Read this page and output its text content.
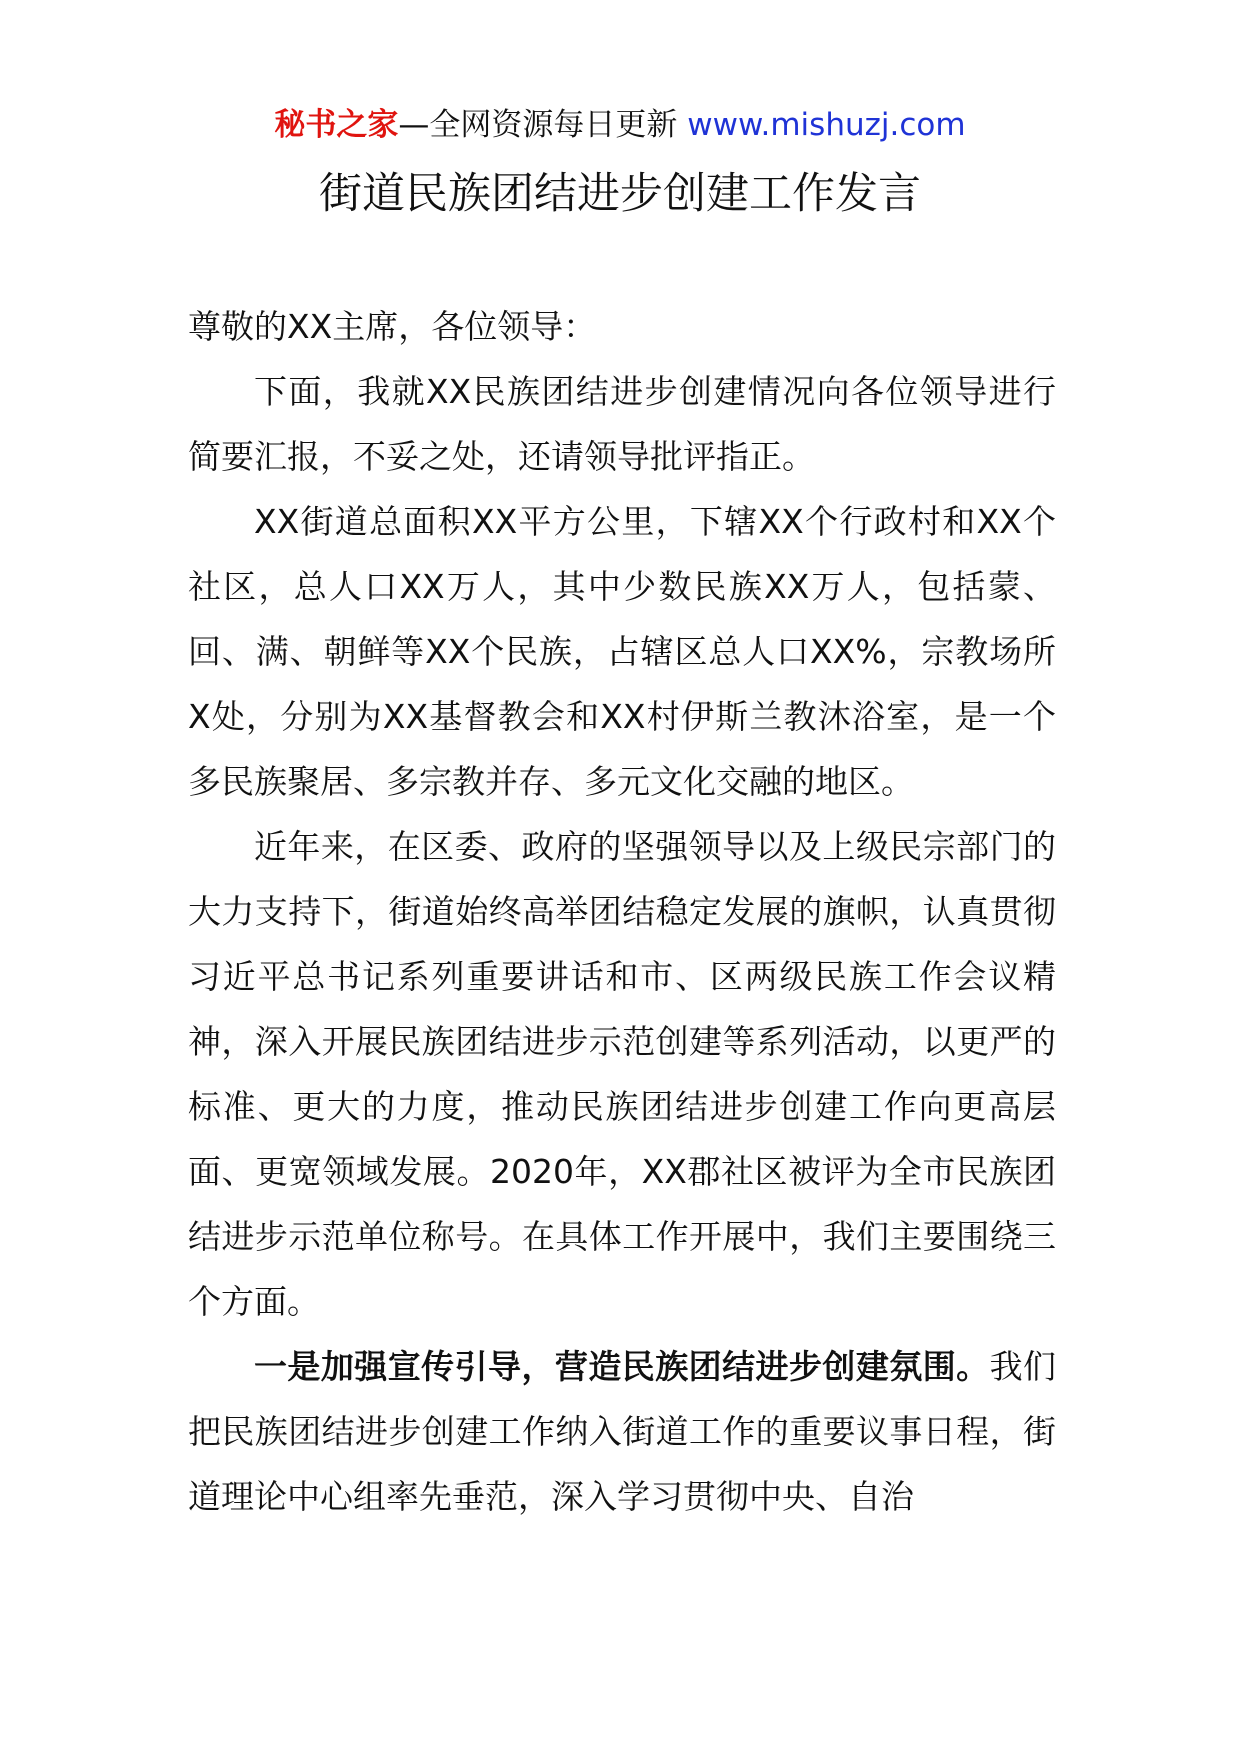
秘书之家—全网资源每日更新 www.mishuzj.com
街道民族团结进步创建工作发言

尊敬的XX主席，各位领导：

下面，我就XX民族团结进步创建情况向各位领导进行简要汇报，不妥之处，还请领导批评指正。

XX街道总面积XX平方公里，下辖XX个行政村和XX个社区，总人口XX万人，其中少数民族XX万人，包括蒙、回、满、朝鲜等XX个民族，占辖区总人口XX%，宗教场所X处，分别为XX基督教会和XX村伊斯兰教沐浴室，是一个多民族聚居、多宗教并存、多元文化交融的地区。

近年来，在区委、政府的坚强领导以及上级民宗部门的大力支持下，街道始终高举团结稳定发展的旗帜，认真贯彻习近平总书记系列重要讲话和市、区两级民族工作会议精神，深入开展民族团结进步示范创建等系列活动，以更严的标准、更大的力度，推动民族团结进步创建工作向更高层面、更宽领域发展。2020年，XX郡社区被评为全市民族团结进步示范单位称号。在具体工作开展中，我们主要围绕三个方面。

一是加强宣传引导，营造民族团结进步创建氛围。我们把民族团结进步创建工作纳入街道工作的重要议事日程，街道理论中心组率先垂范，深入学习贯彻中央、自治
